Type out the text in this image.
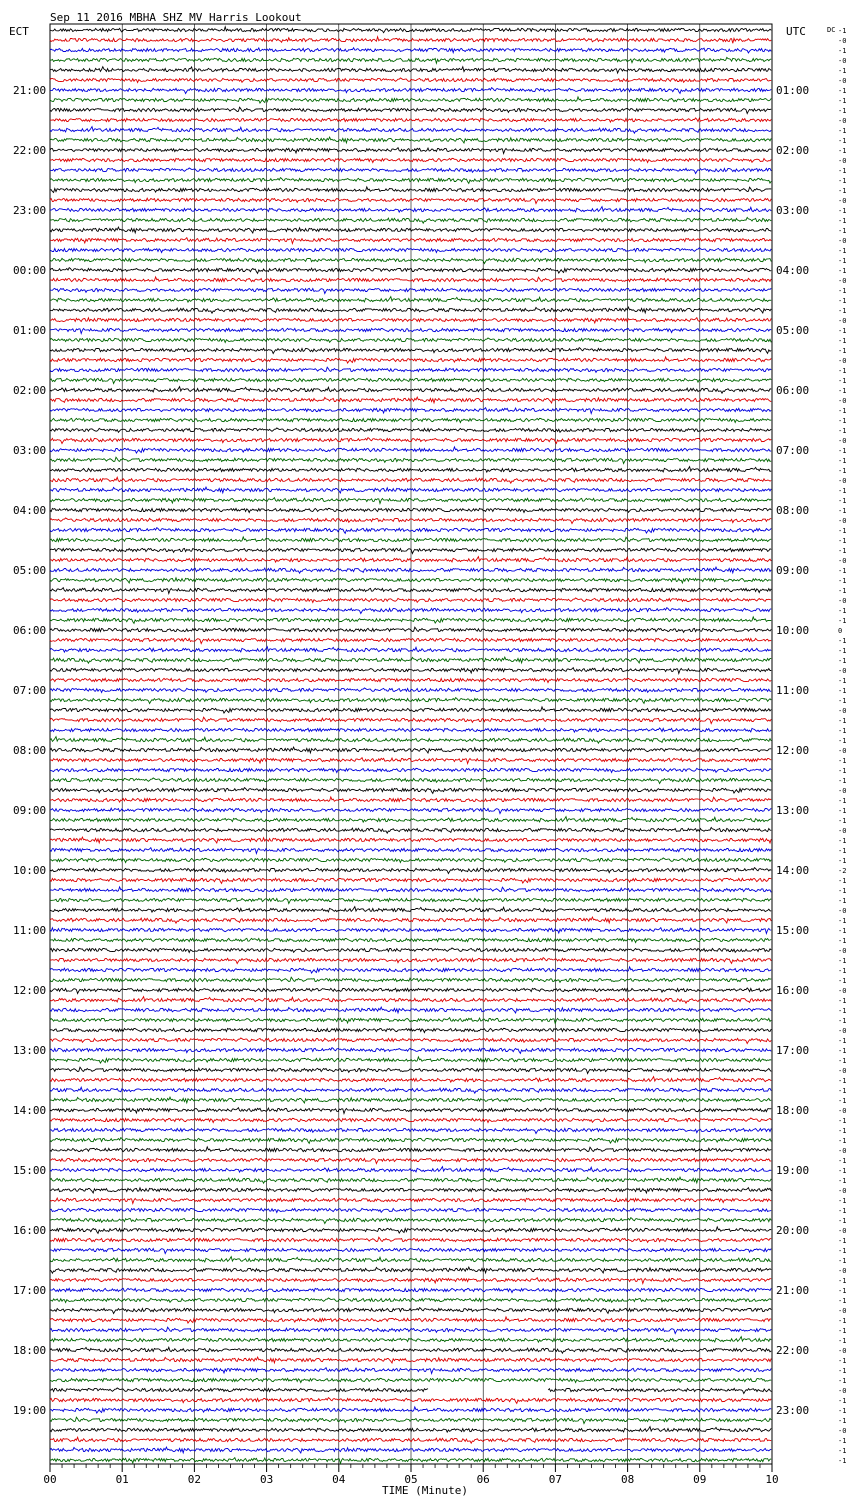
Sep 11 2016 MBHA SHZ MV Harris Lookout
ECT	UTC	DC
TIME (Minute)
21:00
22:00
23:00
00:00
01:00
02:00
03:00
04:00
05:00
06:00
07:00
08:00
09:00
10:00
11:00
12:00
13:00
14:00
15:00
16:00
17:00
18:00
19:00
01:00
02:00
03:00
04:00
05:00
06:00
07:00
08:00
09:00
10:00
11:00
12:00
13:00
14:00
15:00
16:00
17:00
18:00
19:00
20:00
21:00
22:00
23:00
-1
-0
-1
-0
-1
-0
-1
-1
-1
-0
-1
-1
-1
-0
-1
-1
-1
-0
-1
-1
-1
-0
-1
-1
-1
-0
-1
-1
-1
-0
-1
-1
-1
-0
-1
-1
-1
-0
-1
-1
-1
-0
-1
-1
-1
-0
-1
-1
-1
-0
-1
-1
-1
-0
-1
-1
-1
-0
-1
-1
0
-1
-1
-1
-0
-1
-1
-1
-0
-1
-1
-1
-0
-1
-1
-1
-0
-1
-1
-1
-0
-1
-1
-1
-2
-1
-1
-1
-0
-1
-1
-1
-0
-1
-1
-1
-0
-1
-1
-1
-0
-1
-1
-1
-0
-1
-1
-1
-0
-1
-1
-1
-0
-1
-1
-1
-0
-1
-1
-1
-0
-1
-1
-1
-0
-1
-1
-1
-0
-1
-1
-1
-0
-1
-1
-1
-0
-1
-1
-1
-0
-1
-1
-1
00	01	02	03	04	05	06	07	08	09	10
